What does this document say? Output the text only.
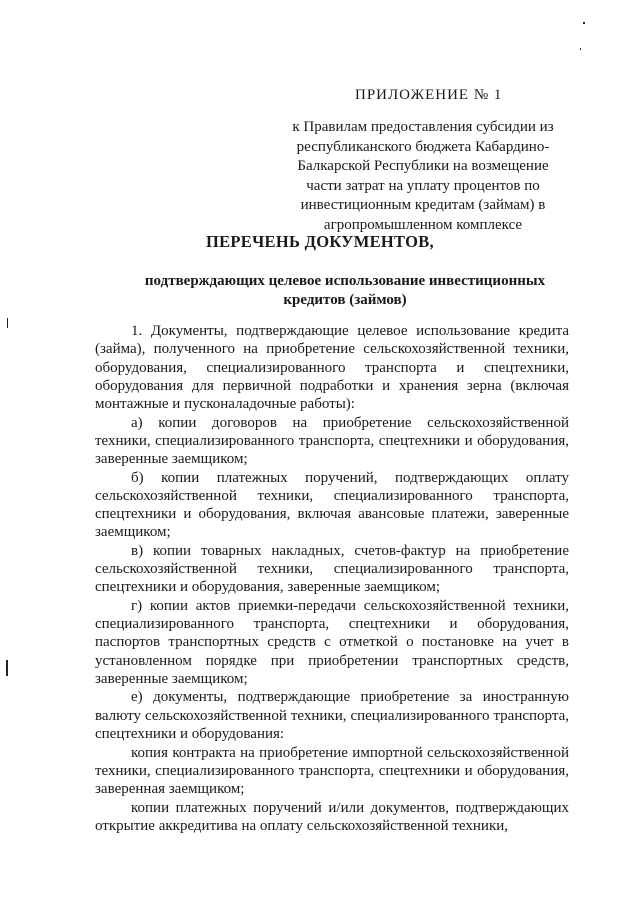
ПРИЛОЖЕНИЕ № 1
к Правилам предоставления субсидии из республиканского бюджета Кабардино-Балкарской Республики на возмещение части затрат на уплату процентов по инвестиционным кредитам (займам) в агропромышленном комплексе
ПЕРЕЧЕНЬ ДОКУМЕНТОВ,
подтверждающих целевое использование инвестиционных кредитов (займов)

1. Документы, подтверждающие целевое использование кредита (займа), полученного на приобретение сельскохозяйственной техники, оборудования, специализированного транспорта и спецтехники, оборудования для первичной подработки и хранения зерна (включая монтажные и пусконаладочные работы):

а) копии договоров на приобретение сельскохозяйственной техники, специализированного транспорта, спецтехники и оборудования, заверенные заемщиком;

б) копии платежных поручений, подтверждающих оплату сельскохозяйственной техники, специализированного транспорта, спецтехники и оборудования, включая авансовые платежи, заверенные заемщиком;

в) копии товарных накладных, счетов-фактур на приобретение сельскохозяйственной техники, специализированного транспорта, спецтехники и оборудования, заверенные заемщиком;

г) копии актов приемки-передачи сельскохозяйственной техники, специализированного транспорта, спецтехники и оборудования, паспортов транспортных средств с отметкой о постановке на учет в установленном порядке при приобретении транспортных средств, заверенные заемщиком;

е) документы, подтверждающие приобретение за иностранную валюту сельскохозяйственной техники, специализированного транспорта, спецтехники и оборудования:

копия контракта на приобретение импортной сельскохозяйственной техники, специализированного транспорта, спецтехники и оборудования, заверенная заемщиком;

копии платежных поручений и/или документов, подтверждающих открытие аккредитива на оплату сельскохозяйственной техники,
